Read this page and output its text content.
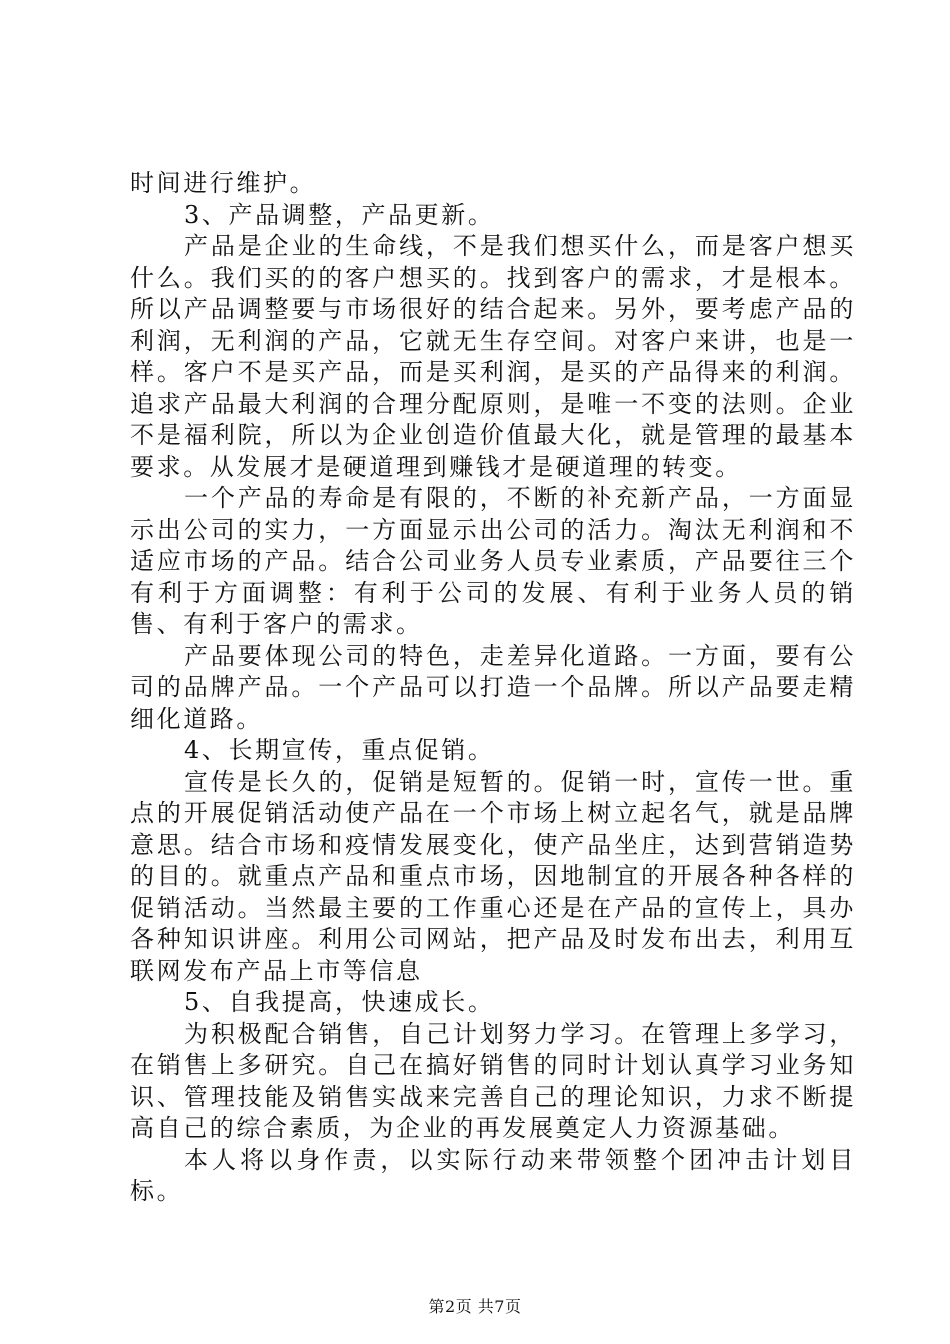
时间进行维护。

3、产品调整，产品更新。

产品是企业的生命线，不是我们想买什么，而是客户想买什么。我们买的的客户想买的。找到客户的需求，才是根本。所以产品调整要与市场很好的结合起来。另外，要考虑产品的利润，无利润的产品，它就无生存空间。对客户来讲，也是一样。客户不是买产品，而是买利润，是买的产品得来的利润。追求产品最大利润的合理分配原则，是唯一不变的法则。企业不是福利院，所以为企业创造价值最大化，就是管理的最基本要求。从发展才是硬道理到赚钱才是硬道理的转变。

一个产品的寿命是有限的，不断的补充新产品，一方面显示出公司的实力，一方面显示出公司的活力。淘汰无利润和不适应市场的产品。结合公司业务人员专业素质，产品要往三个有利于方面调整：有利于公司的发展、有利于业务人员的销售、有利于客户的需求。

产品要体现公司的特色，走差异化道路。一方面，要有公司的品牌产品。一个产品可以打造一个品牌。所以产品要走精细化道路。

4、长期宣传，重点促销。

宣传是长久的，促销是短暂的。促销一时，宣传一世。重点的开展促销活动使产品在一个市场上树立起名气，就是品牌意思。结合市场和疫情发展变化，使产品坐庄，达到营销造势的目的。就重点产品和重点市场，因地制宜的开展各种各样的促销活动。当然最主要的工作重心还是在产品的宣传上，具办各种知识讲座。利用公司网站，把产品及时发布出去，利用互联网发布产品上市等信息

5、自我提高，快速成长。

为积极配合销售，自己计划努力学习。在管理上多学习，在销售上多研究。自己在搞好销售的同时计划认真学习业务知识、管理技能及销售实战来完善自己的理论知识，力求不断提高自己的综合素质，为企业的再发展奠定人力资源基础。

本人将以身作责，以实际行动来带领整个团冲击计划目标。

第2页 共7页
